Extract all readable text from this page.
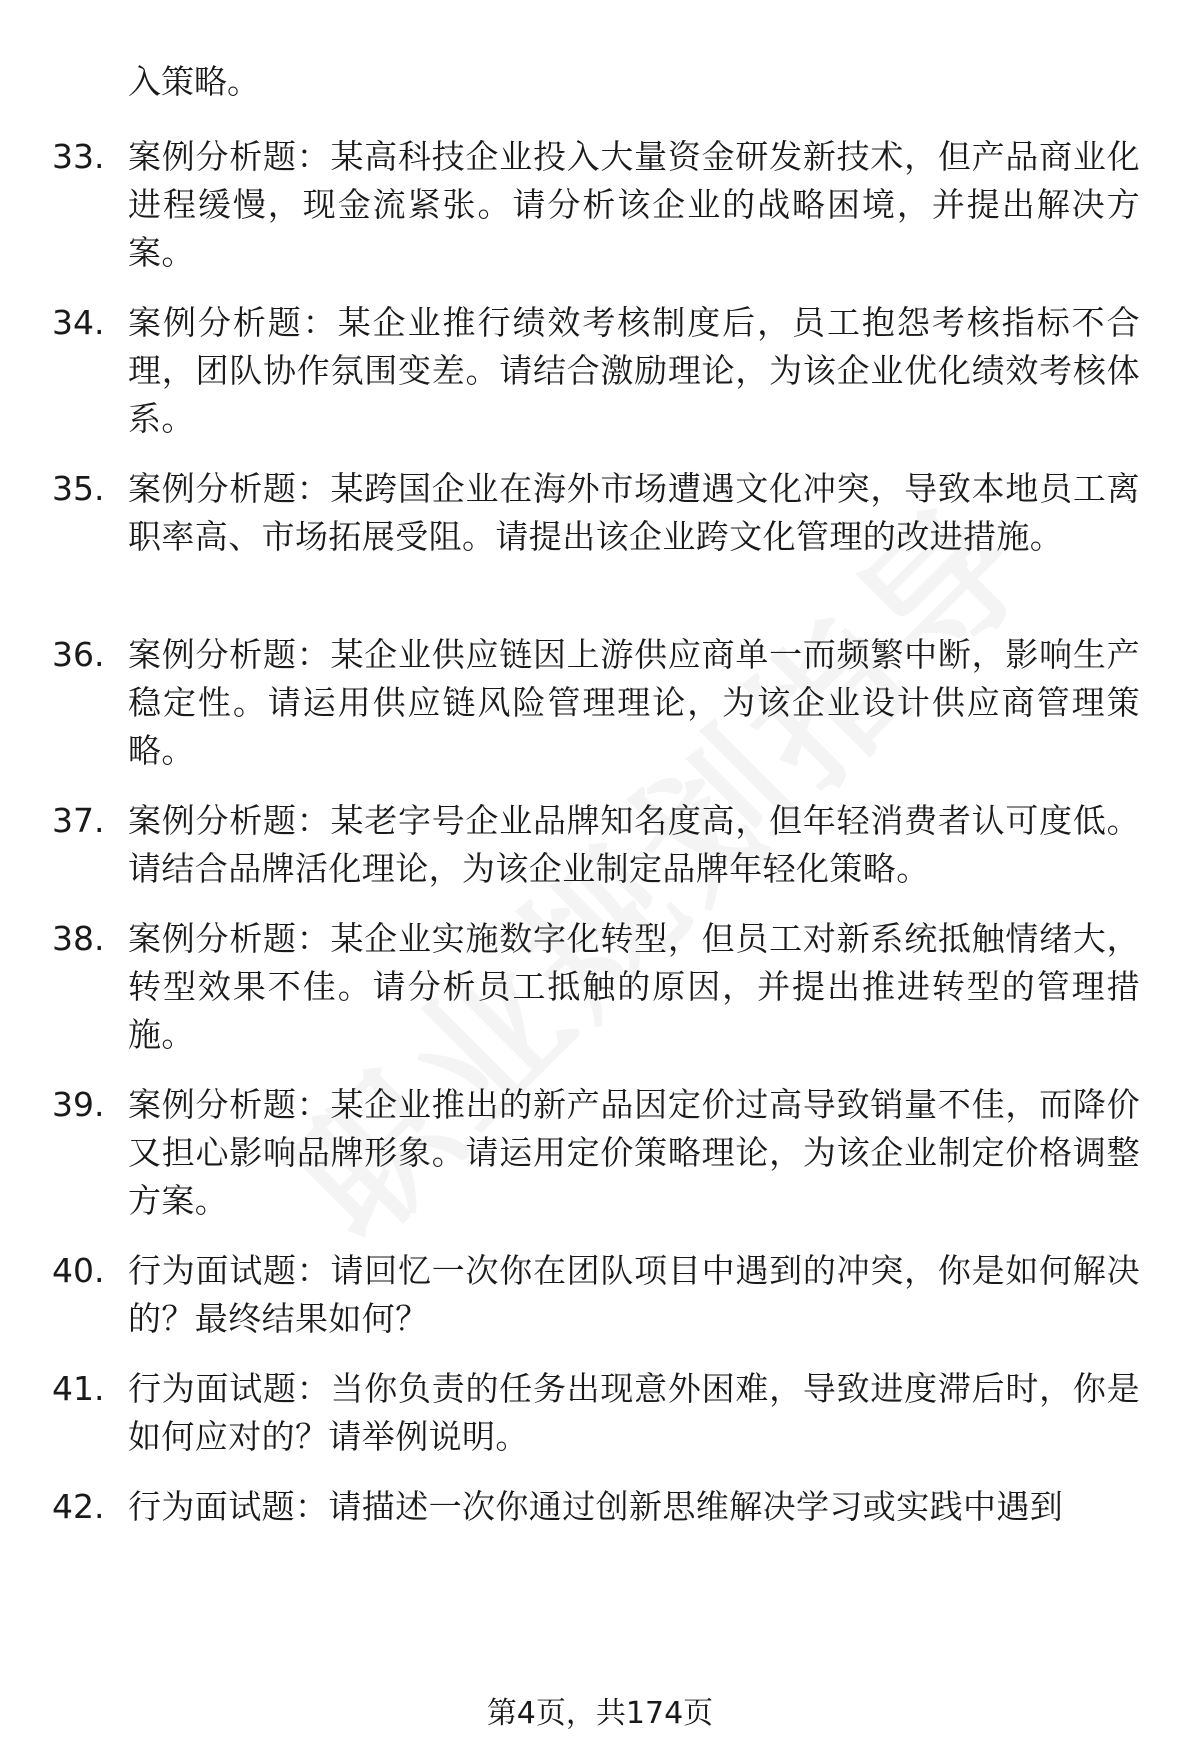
入策略。
33. 案例分析题：某高科技企业投入大量资金研发新技术，但产品商业化进程缓慢，现金流紧张。请分析该企业的战略困境，并提出解决方案。
34. 案例分析题：某企业推行绩效考核制度后，员工抱怨考核指标不合理，团队协作氛围变差。请结合激励理论，为该企业优化绩效考核体系。
35. 案例分析题：某跨国企业在海外市场遭遇文化冲突，导致本地员工离职率高、市场拓展受阻。请提出该企业跨文化管理的改进措施。
36. 案例分析题：某企业供应链因上游供应商单一而频繁中断，影响生产稳定性。请运用供应链风险管理理论，为该企业设计供应商管理策略。
37. 案例分析题：某老字号企业品牌知名度高，但年轻消费者认可度低。请结合品牌活化理论，为该企业制定品牌年轻化策略。
38. 案例分析题：某企业实施数字化转型，但员工对新系统抵触情绪大，转型效果不佳。请分析员工抵触的原因，并提出推进转型的管理措施。
39. 案例分析题：某企业推出的新产品因定价过高导致销量不佳，而降价又担心影响品牌形象。请运用定价策略理论，为该企业制定价格调整方案。
40. 行为面试题：请回忆一次你在团队项目中遇到的冲突，你是如何解决的？最终结果如何？
41. 行为面试题：当你负责的任务出现意外困难，导致进度滞后时，你是如何应对的？请举例说明。
42. 行为面试题：请描述一次你通过创新思维解决学习或实践中遇到
第4页，共174页
